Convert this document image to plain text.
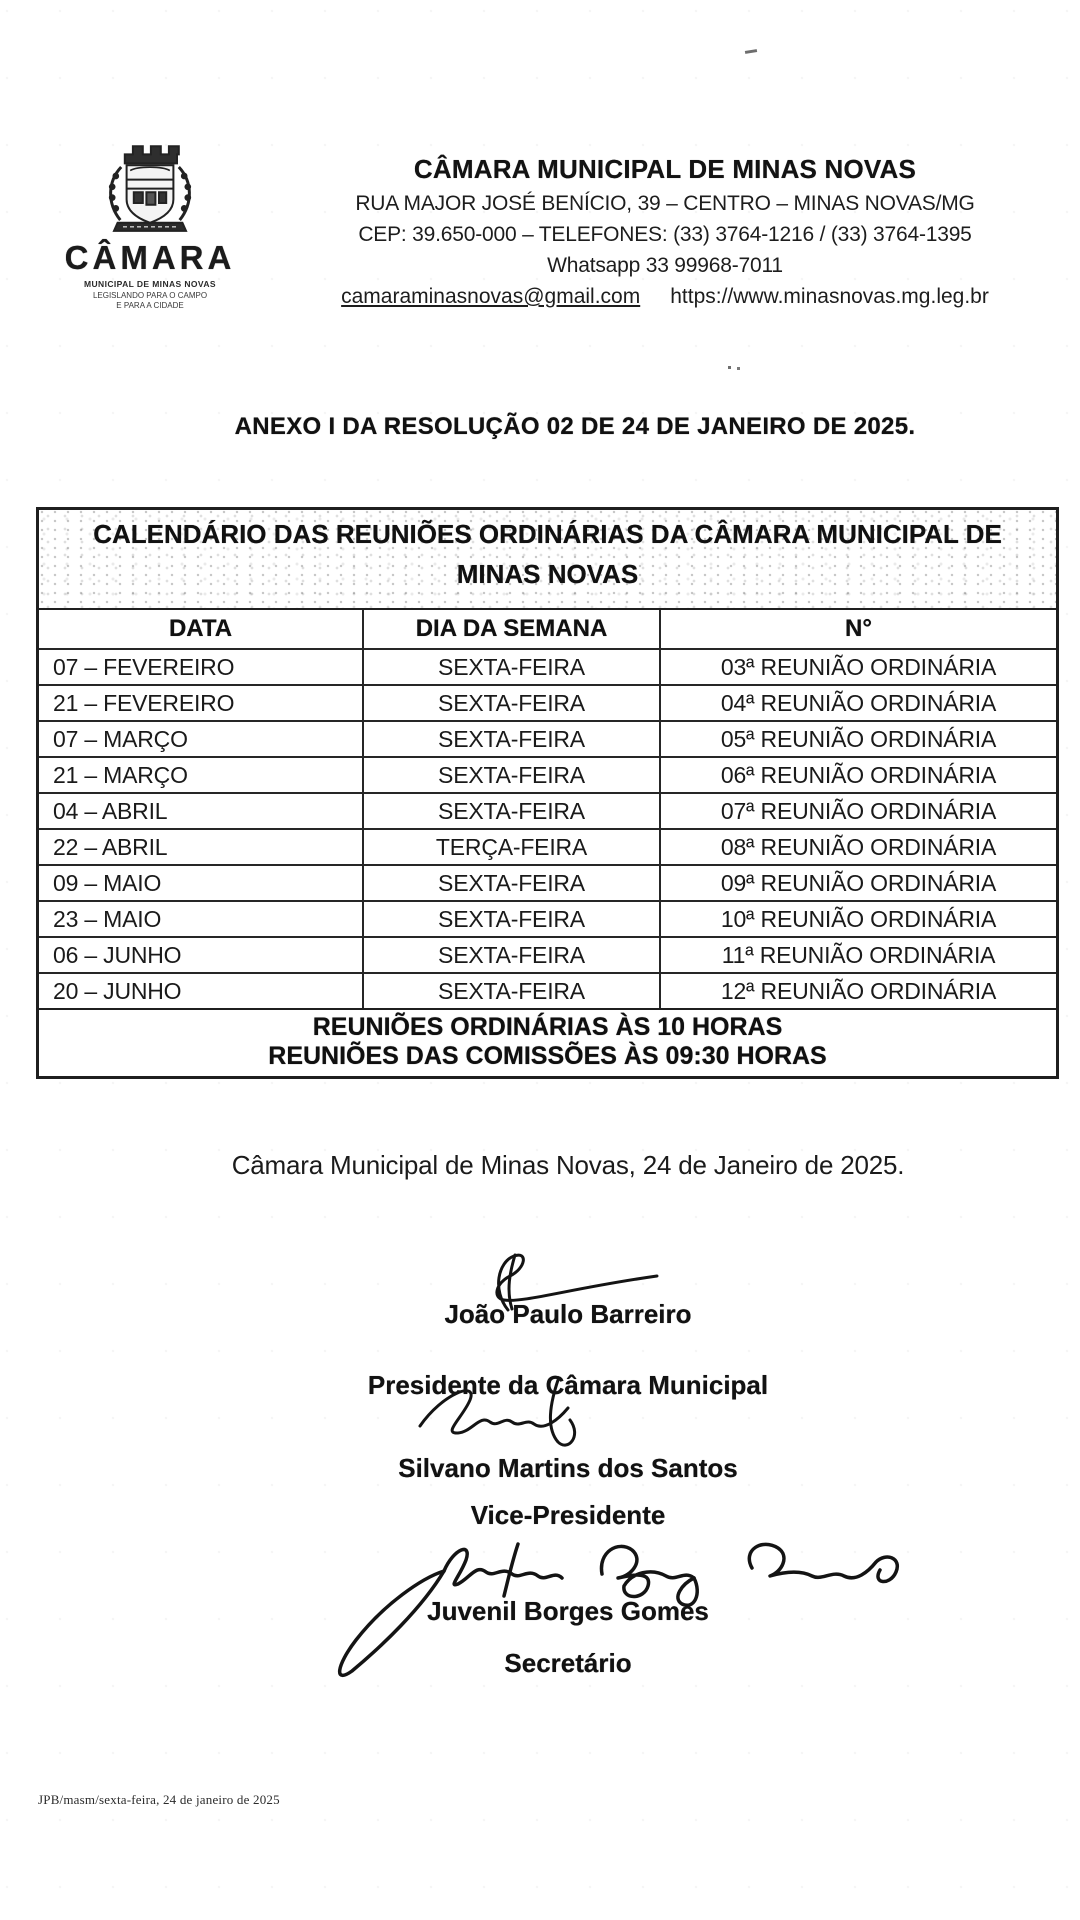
CÂMARA
MUNICIPAL DE MINAS NOVAS
LEGISLANDO PARA O CAMPO
E PARA A CIDADE
CÂMARA MUNICIPAL DE MINAS NOVAS
RUA MAJOR JOSÉ BENÍCIO, 39 – CENTRO – MINAS NOVAS/MG
CEP: 39.650-000 – TELEFONES: (33) 3764-1216 / (33) 3764-1395
Whatsapp 33 99968-7011
camaraminasnovas@gmail.com https://www.minasnovas.mg.leg.br
ANEXO I DA RESOLUÇÃO 02 DE 24 DE JANEIRO DE 2025.
CALENDÁRIO DAS REUNIÕES ORDINÁRIAS DA CÂMARA MUNICIPAL DE
MINAS NOVAS
DATA	DIA DA SEMANA	N°
07 – FEVEREIRO	SEXTA-FEIRA	03ª REUNIÃO ORDINÁRIA
21 – FEVEREIRO	SEXTA-FEIRA	04ª REUNIÃO ORDINÁRIA
07 – MARÇO	SEXTA-FEIRA	05ª REUNIÃO ORDINÁRIA
21 – MARÇO	SEXTA-FEIRA	06ª REUNIÃO ORDINÁRIA
04 – ABRIL	SEXTA-FEIRA	07ª REUNIÃO ORDINÁRIA
22 – ABRIL	TERÇA-FEIRA	08ª REUNIÃO ORDINÁRIA
09 – MAIO	SEXTA-FEIRA	09ª REUNIÃO ORDINÁRIA
23 – MAIO	SEXTA-FEIRA	10ª REUNIÃO ORDINÁRIA
06 – JUNHO	SEXTA-FEIRA	11ª REUNIÃO ORDINÁRIA
20 – JUNHO	SEXTA-FEIRA	12ª REUNIÃO ORDINÁRIA
REUNIÕES ORDINÁRIAS ÀS 10 HORAS
REUNIÕES DAS COMISSÕES ÀS 09:30 HORAS
Câmara Municipal de Minas Novas, 24 de Janeiro de 2025.
João Paulo Barreiro
Presidente da Câmara Municipal
Silvano Martins dos Santos
Vice-Presidente
Juvenil Borges Gomes
Secretário
JPB/masm/sexta-feira, 24 de janeiro de 2025
